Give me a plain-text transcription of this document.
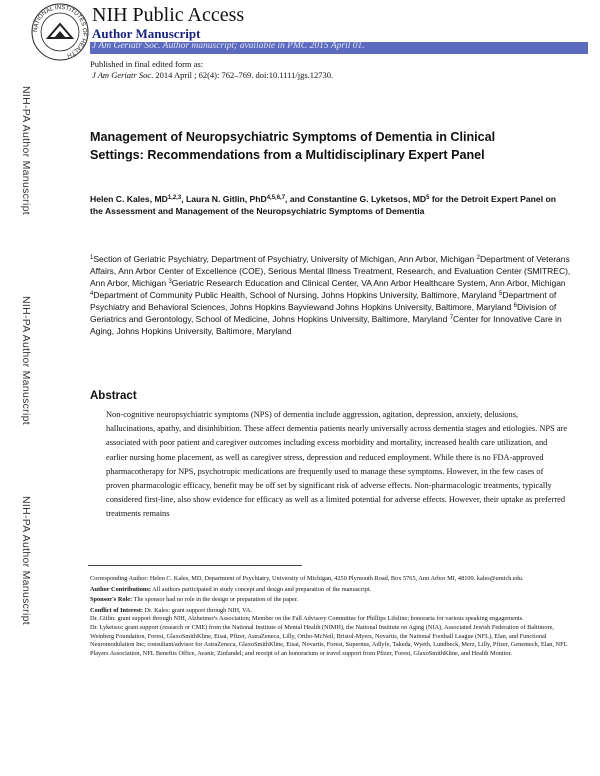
NATIONAL INSTITUTES OF HEALTH
NIH Public Access
Author Manuscript
J Am Geriatr Soc. Author manuscript; available in PMC 2015 April 01.
Published in final edited form as:
J Am Geriatr Soc. 2014 April ; 62(4): 762–769. doi:10.1111/jgs.12730.
NIH-PA Author Manuscript
NIH-PA Author Manuscript
NIH-PA Author Manuscript
Management of Neuropsychiatric Symptoms of Dementia in Clinical Settings: Recommendations from a Multidisciplinary Expert Panel
Helen C. Kales, MD$^{1,2,3}$, Laura N. Gitlin, PhD$^{4,5,6,7}$, and Constantine G. Lyketsos, $MD^5$ for the Detroit Expert Panel on the Assessment and Management of the Neuropsychiatric Symptoms of Dementia
$^1$Section of Geriatric Psychiatry, Department of Psychiatry, University of Michigan, Ann Arbor, Michigan $^2$Department of Veterans Affairs, Ann Arbor Center of Excellence (COE), Serious Mental Illness Treatment, Research, and Evaluation Center (SMITREC), Ann Arbor, Michigan $^3$Geriatric Research Education and Clinical Center, VA Ann Arbor Healthcare System, Ann Arbor, Michigan $^4$Department of Community Public Health, School of Nursing, Johns Hopkins University, Baltimore, Maryland $^5$Department of Psychiatry and Behavioral Sciences, Johns Hopkins Bayviewand Johns Hopkins University, Baltimore, Maryland $^6$Division of Geriatrics and Gerontology, School of Medicine, Johns Hopkins University, Baltimore, Maryland $^7$Center for Innovative Care in Aging, Johns Hopkins University, Baltimore, Maryland
Abstract
Non-cognitive neuropsychiatric symptoms (NPS) of dementia include aggression, agitation, depression, anxiety, delusions, hallucinations, apathy, and disinhibition. These affect dementia patients nearly universally across dementia stages and etiologies. NPS are associated with poor patient and caregiver outcomes including excess morbidity and mortality, increased health care utilization, and earlier nursing home placement, as well as caregiver stress, depression and reduced employment. While there is no FDA-approved pharmacotherapy for NPS, psychotropic medications are frequently used to manage these symptoms. However, in the few cases of proven pharmacologic efficacy, benefit may be off set by significant risk of adverse effects. Non-pharmacologic treatments, typically considered first-line, also show evidence for efficacy as well as a limited potential for adverse effects. However, their uptake as preferred treatments remains

Corresponding Author: Helen C. Kales, MD, Department of Psychiatry, University of Michigan, 4250 Plymouth Road, Box 5765, Ann Arbor MI, 48109. kales@umich.edu.

Author Contributions: All authors participated in study concept and design and preparation of the manuscript.

Sponsor's Role: The sponsor had no role in the design or preparation of the paper.

Conflict of Interest: Dr. Kales: grant support through NIH, VA.

Dr. Gitlin: grant support through NIH, Alzheimer's Association; Member on the Fall Advisory Committee for Phillips Lifeline; honoraria for various speaking engagements.

Dr. Lyketsos: grant support (research or CME) from the National Institute of Mental Health (NIMH), the National Institute on Aging (NIA), Associated Jewish Federation of Baltimore, Weinberg Foundation, Forest, GlaxoSmithKline, Eisai, Pfizer, AstraZeneca, Lilly, Ortho-McNeil, Bristol-Myers, Novartis, the National Football League (NFL), Elan, and Functional Neuromodulation Inc; consultant/advisor for AstraZeneca, GlaxoSmithKline, Eisai, Novartis, Forest, Supernus, Adlyfe, Takeda, Wyeth, Lundbeck, Merz, Lilly, Pfizer, Genentech, Elan, NFL Players Association, NFL Benefits Office, Avanir, Zinfandel; and receipt of an honorarium or travel support from Pfizer, Forest, GlaxoSmithKline, and Health Monitor.
